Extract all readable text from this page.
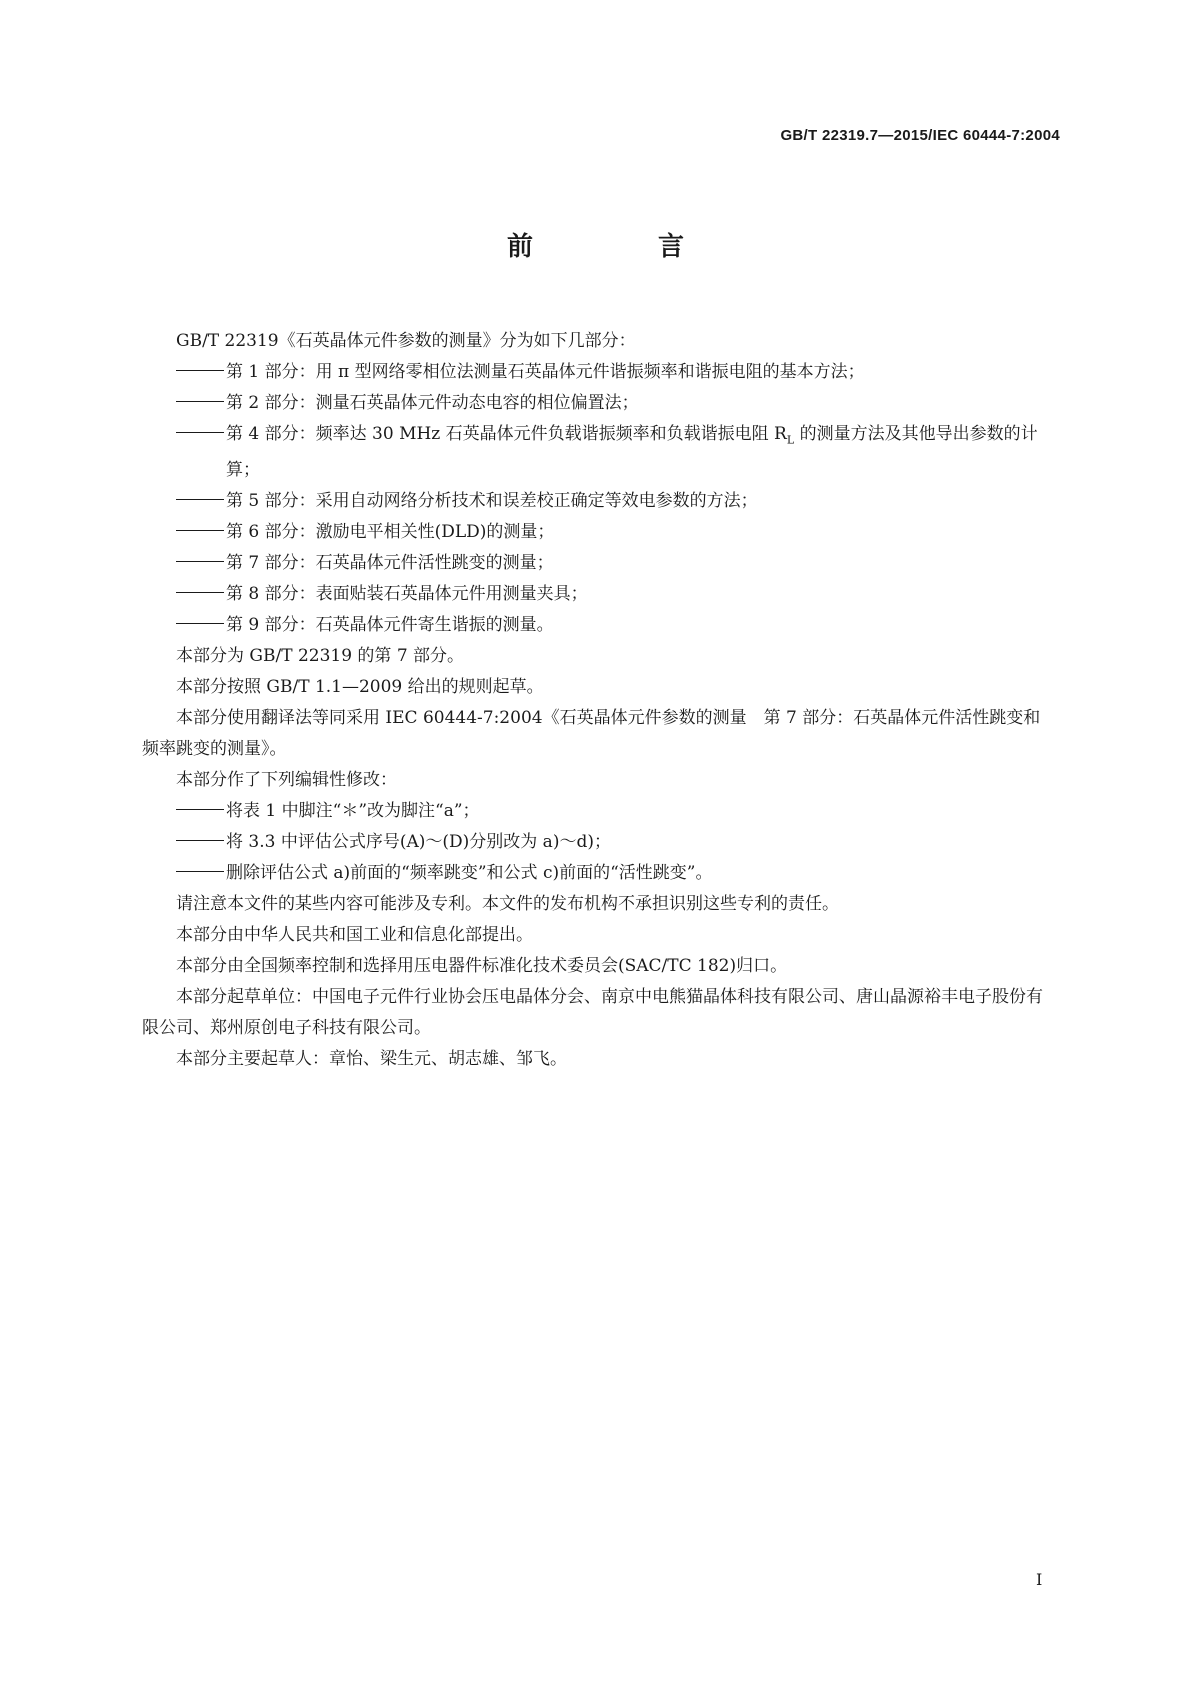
GB/T 22319.7—2015/IEC 60444-7:2004
前 言

GB/T 22319《石英晶体元件参数的测量》分为如下几部分：

第 1 部分：用 π 型网络零相位法测量石英晶体元件谐振频率和谐振电阻的基本方法；

第 2 部分：测量石英晶体元件动态电容的相位偏置法；

第 4 部分：频率达 30 MHz 石英晶体元件负载谐振频率和负载谐振电阻 $R_L$ 的测量方法及其他导出参数的计算；

第 5 部分：采用自动网络分析技术和误差校正确定等效电参数的方法；

第 6 部分：激励电平相关性(DLD)的测量；

第 7 部分：石英晶体元件活性跳变的测量；

第 8 部分：表面贴装石英晶体元件用测量夹具；

第 9 部分：石英晶体元件寄生谐振的测量。

本部分为 GB/T 22319 的第 7 部分。

本部分按照 GB/T 1.1—2009 给出的规则起草。

本部分使用翻译法等同采用 IEC 60444-7:2004《石英晶体元件参数的测量　第 7 部分：石英晶体元件活性跳变和频率跳变的测量》。

本部分作了下列编辑性修改：

将表 1 中脚注“＊”改为脚注“a”；

将 3.3 中评估公式序号(A)～(D)分别改为 a)～d)；

删除评估公式 a)前面的“频率跳变”和公式 c)前面的“活性跳变”。

请注意本文件的某些内容可能涉及专利。本文件的发布机构不承担识别这些专利的责任。

本部分由中华人民共和国工业和信息化部提出。

本部分由全国频率控制和选择用压电器件标准化技术委员会(SAC/TC 182)归口。

本部分起草单位：中国电子元件行业协会压电晶体分会、南京中电熊猫晶体科技有限公司、唐山晶源裕丰电子股份有限公司、郑州原创电子科技有限公司。

本部分主要起草人：章怡、梁生元、胡志雄、邹飞。

I
